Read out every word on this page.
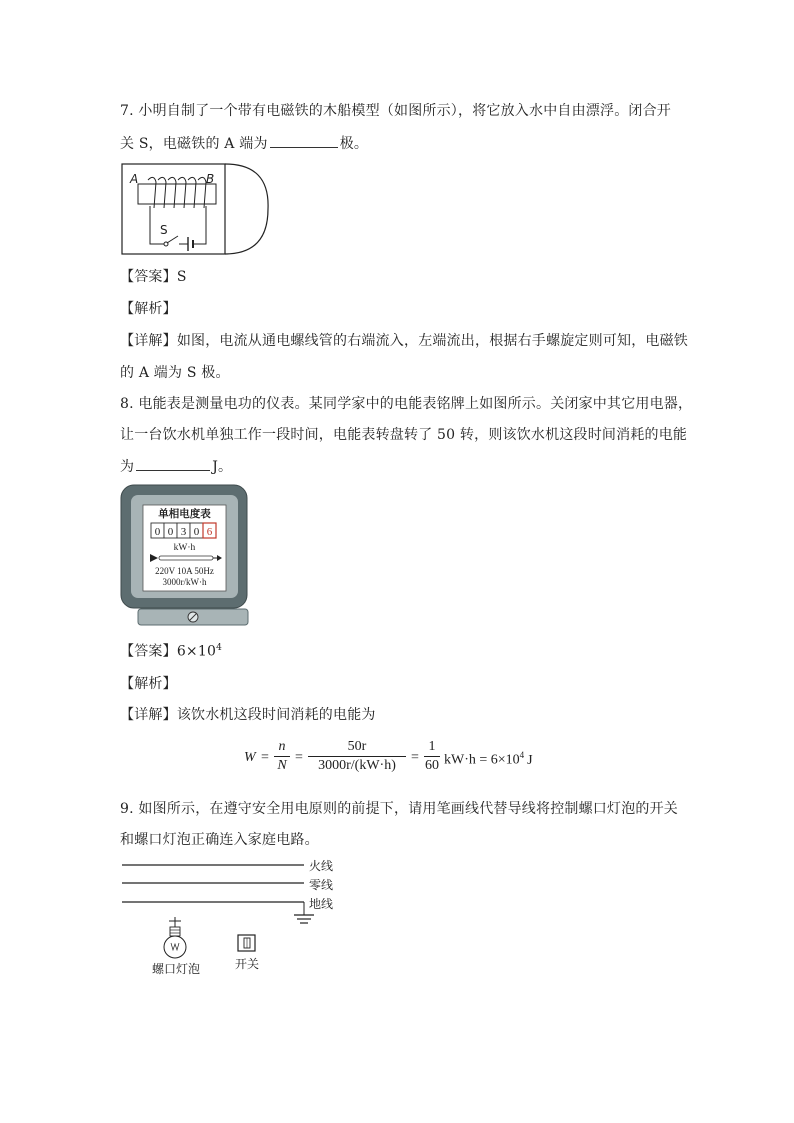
7. 小明自制了一个带有电磁铁的木船模型（如图所示），将它放入水中自由漂浮。闭合开
关 S，电磁铁的 A 端为	极。
A	B
S
【答案】S
【解析】
【详解】如图，电流从通电螺线管的右端流入，左端流出，根据右手螺旋定则可知，电磁铁
的 A 端为 S 极。
8. 电能表是测量电功的仪表。某同学家中的电能表铭牌上如图所示。关闭家中其它用电器，
让一台饮水机单独工作一段时间，电能表转盘转了 50 转，则该饮水机这段时间消耗的电能
为	J。
单相电度表
0 0 3 0 6
kW·h
220V 10A 50Hz
3000r/kW·h
【答案】$6\times 10^4$
【解析】
【详解】该饮水机这段时间消耗的电能为
W =
n
N
=
50r
3000r/(kW·h)
=
1
60 $kW\cdot h = 6\times 10^4$ J
9. 如图所示，在遵守安全用电原则的前提下，请用笔画线代替导线将控制螺口灯泡的开关
和螺口灯泡正确连入家庭电路。
火线
零线
地线
螺口灯泡	开关
